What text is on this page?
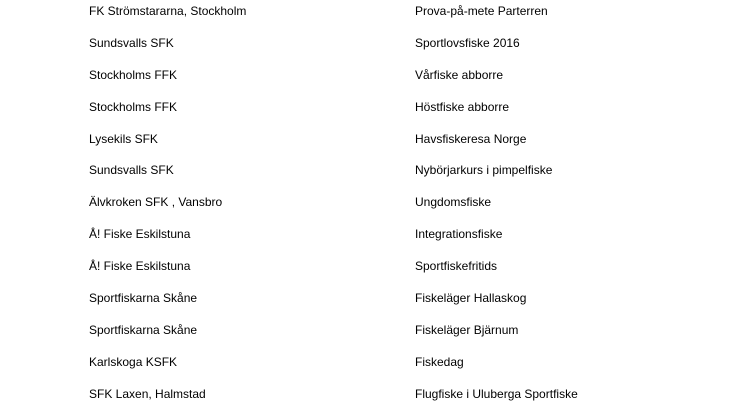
FK Strömstararna, Stockholm	Prova-på-mete Parterren
Sundsvalls SFK	Sportlovsfiske 2016
Stockholms FFK	Vårfiske abborre
Stockholms FFK	Höstfiske abborre
Lysekils SFK	Havsfiskeresa Norge
Sundsvalls SFK	Nybörjarkurs i pimpelfiske
Älvkroken SFK , Vansbro	Ungdomsfiske
Å! Fiske Eskilstuna	Integrationsfiske
Å! Fiske Eskilstuna	Sportfiskefritids
Sportfiskarna Skåne	Fiskeläger Hallaskog
Sportfiskarna Skåne	Fiskeläger Bjärnum
Karlskoga KSFK	Fiskedag
SFK Laxen, Halmstad	Flugfiske i Uluberga Sportfiske
